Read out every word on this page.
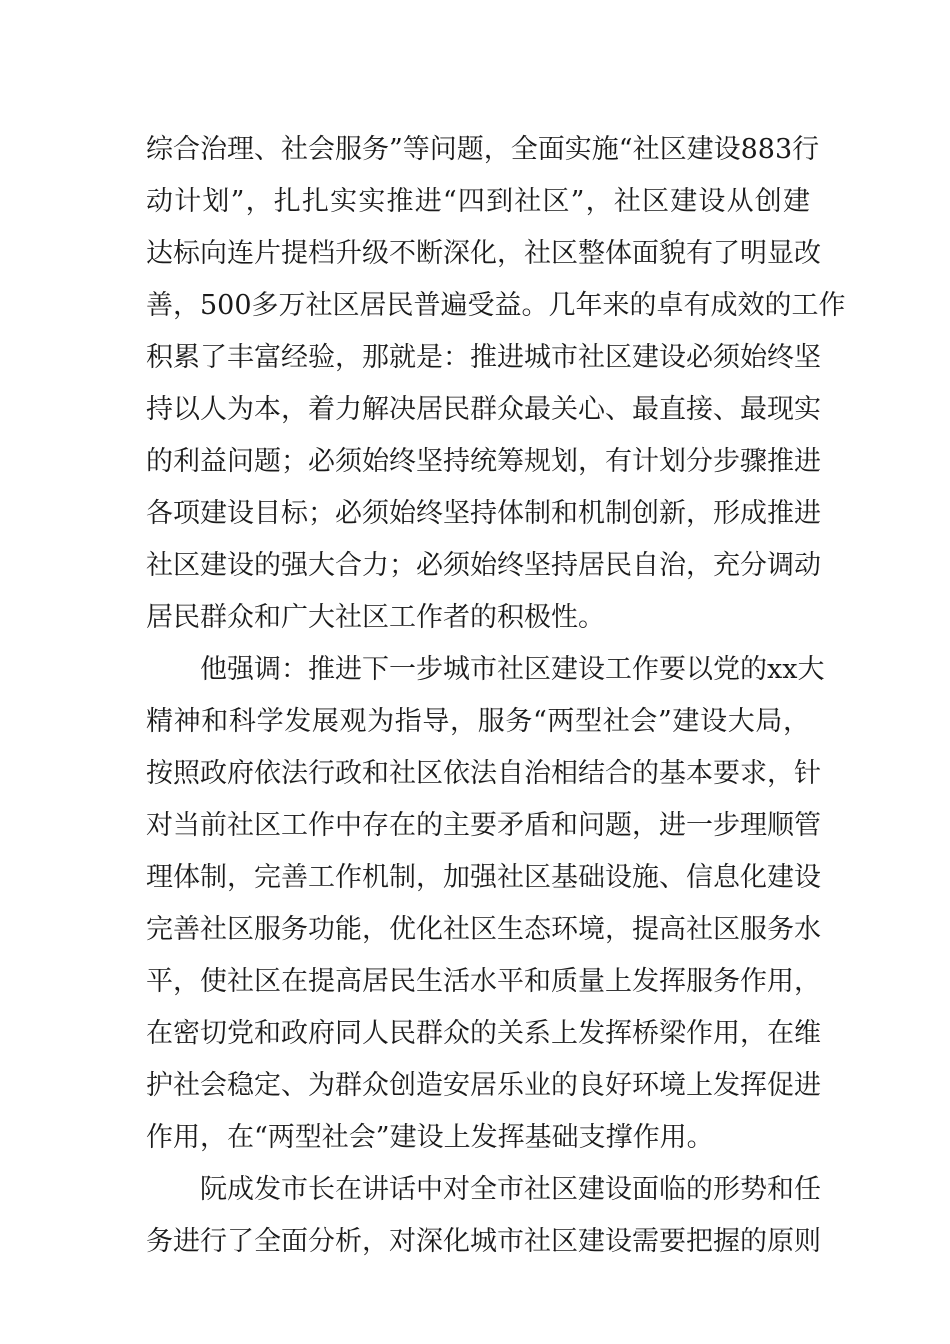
综合治理、社会服务”等问题，全面实施“社区建设883行
动计划”，扎扎实实推进“四到社区”，社区建设从创建
达标向连片提档升级不断深化，社区整体面貌有了明显改
善，500多万社区居民普遍受益。几年来的卓有成效的工作
积累了丰富经验，那就是：推进城市社区建设必须始终坚
持以人为本，着力解决居民群众最关心、最直接、最现实
的利益问题；必须始终坚持统筹规划，有计划分步骤推进
各项建设目标；必须始终坚持体制和机制创新，形成推进
社区建设的强大合力；必须始终坚持居民自治，充分调动
居民群众和广大社区工作者的积极性。

他强调：推进下一步城市社区建设工作要以党的xx大
精神和科学发展观为指导，服务“两型社会”建设大局，
按照政府依法行政和社区依法自治相结合的基本要求，针
对当前社区工作中存在的主要矛盾和问题，进一步理顺管
理体制，完善工作机制，加强社区基础设施、信息化建设
完善社区服务功能，优化社区生态环境，提高社区服务水
平，使社区在提高居民生活水平和质量上发挥服务作用，
在密切党和政府同人民群众的关系上发挥桥梁作用，在维
护社会稳定、为群众创造安居乐业的良好环境上发挥促进
作用，在“两型社会”建设上发挥基础支撑作用。

阮成发市长在讲话中对全市社区建设面临的形势和任
务进行了全面分析，对深化城市社区建设需要把握的原则
